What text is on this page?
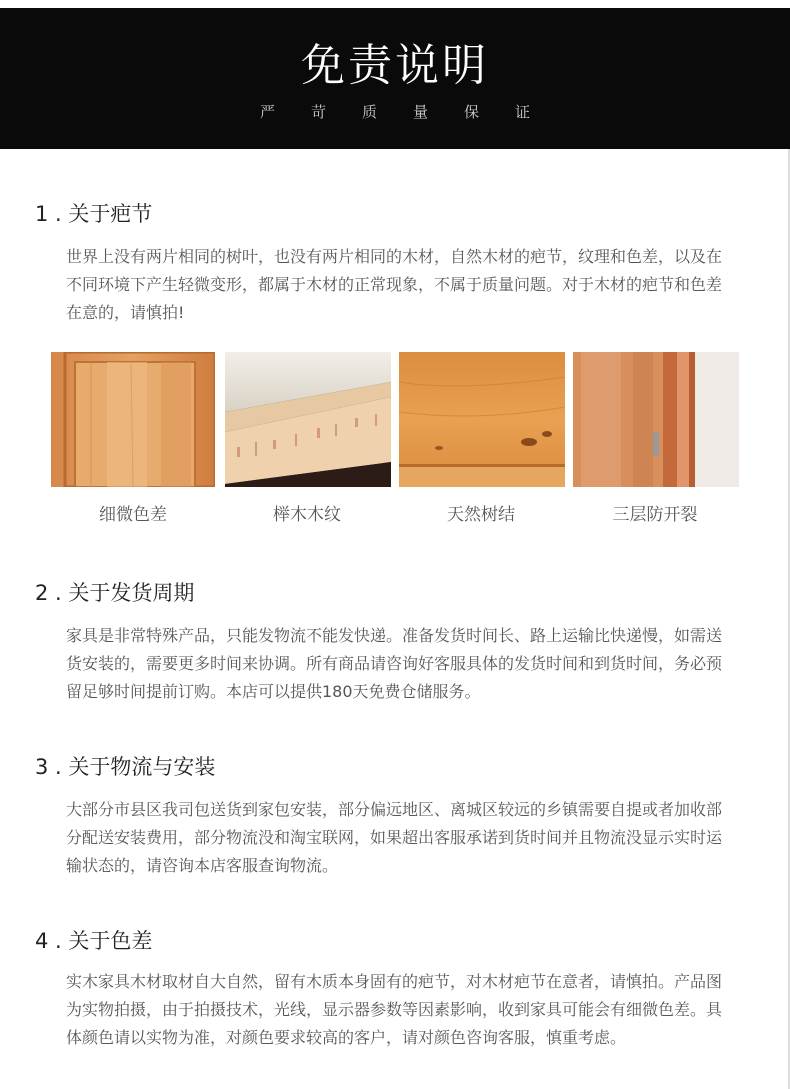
免责说明
严苛质量保证
1 . 关于疤节
世界上没有两片相同的树叶，也没有两片相同的木材，自然木材的疤节，纹理和色差，以及在不同环境下产生轻微变形，都属于木材的正常现象，不属于质量问题。对于木材的疤节和色差在意的，请慎拍!
细微色差	榉木木纹	天然树结	三层防开裂
2 . 关于发货周期
家具是非常特殊产品，只能发物流不能发快递。准备发货时间长、路上运输比快递慢，如需送货安装的，需要更多时间来协调。所有商品请咨询好客服具体的发货时间和到货时间，务必预留足够时间提前订购。本店可以提供180天免费仓储服务。
3 . 关于物流与安装
大部分市县区我司包送货到家包安装，部分偏远地区、离城区较远的乡镇需要自提或者加收部分配送安装费用，部分物流没和淘宝联网，如果超出客服承诺到货时间并且物流没显示实时运输状态的，请咨询本店客服查询物流。
4 . 关于色差
实木家具木材取材自大自然，留有木质本身固有的疤节，对木材疤节在意者，请慎拍。产品图为实物拍摄，由于拍摄技术，光线，显示器参数等因素影响，收到家具可能会有细微色差。具体颜色请以实物为准，对颜色要求较高的客户，请对颜色咨询客服，慎重考虑。
